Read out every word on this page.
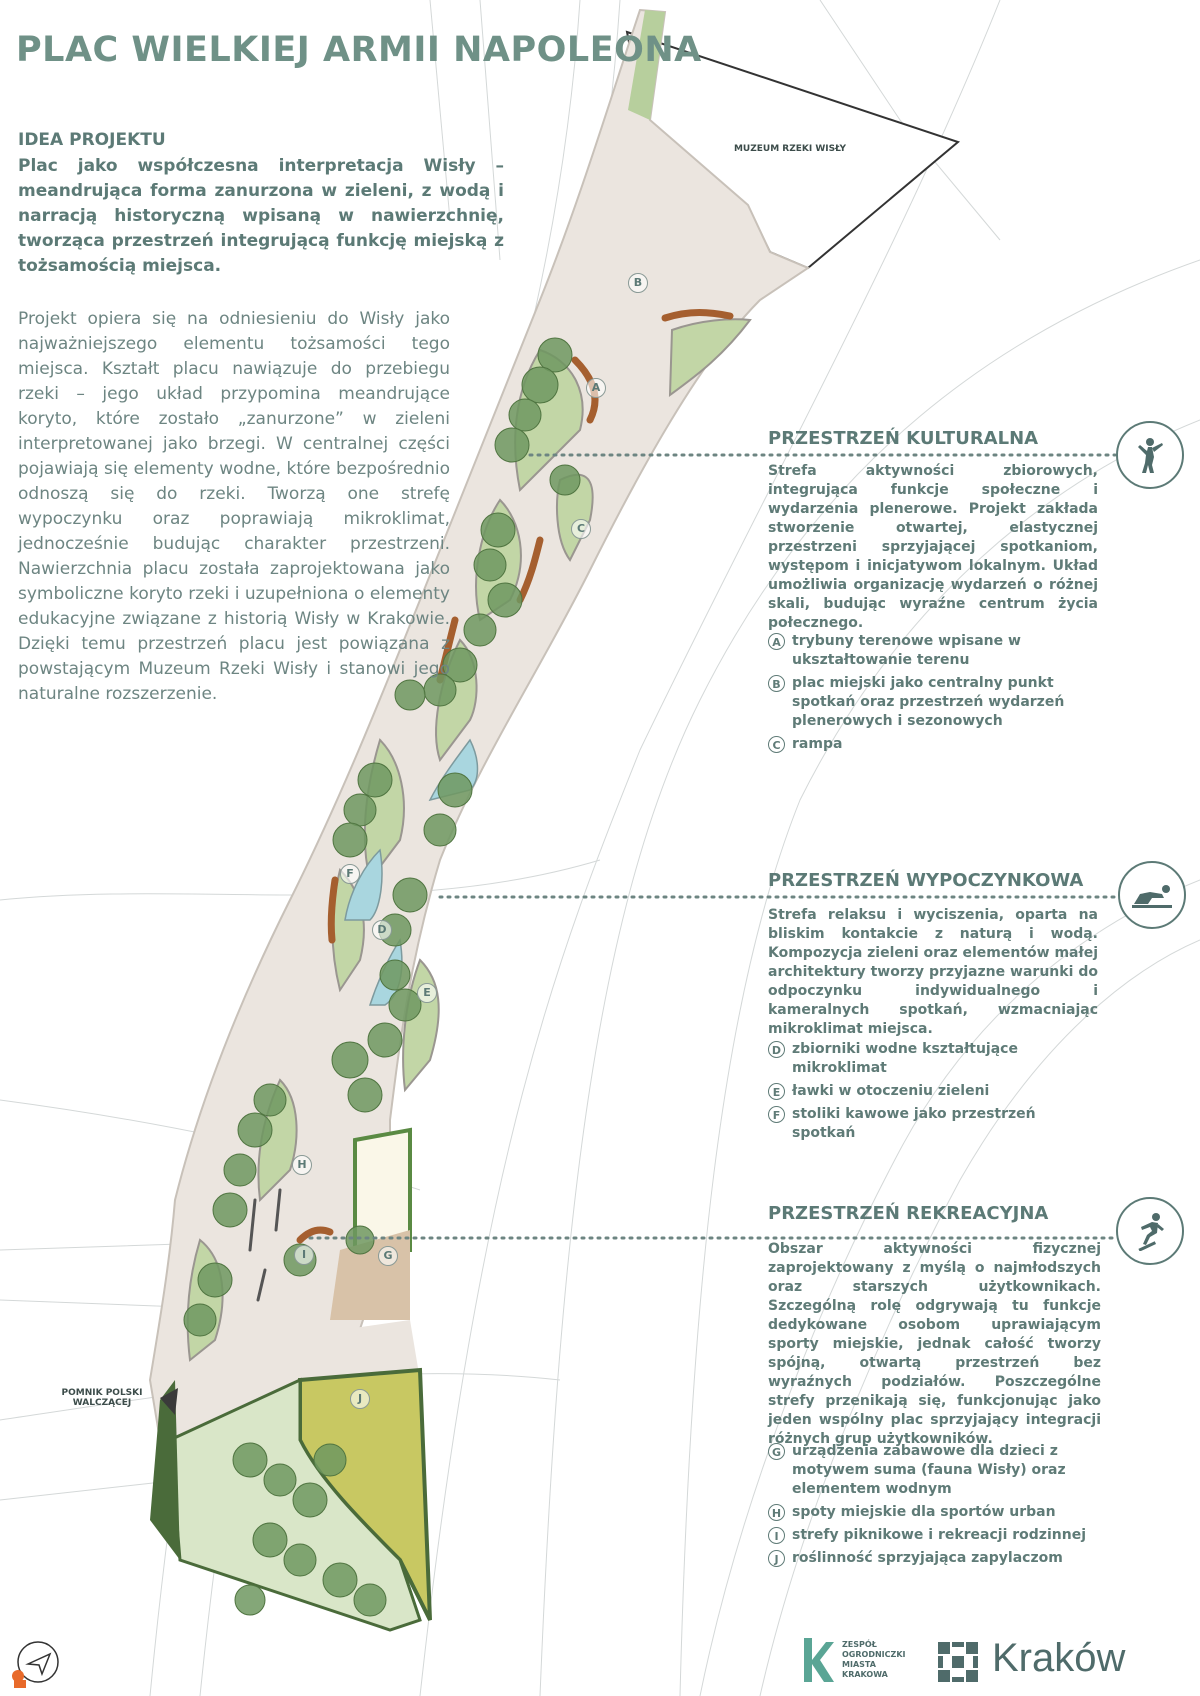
MUZEUM RZEKI WISŁY
POMNIK POLSKI
WALCZĄCEJ
A
B
C
D
E
F
G
H
I
J
PLAC WIELKIEJ ARMII NAPOLEONA
IDEA PROJEKTU
Plac jako współczesna interpretacja Wisły – meandrująca forma zanurzona w zieleni, z wodą i narracją historyczną wpisaną w nawierzchnię, tworząca przestrzeń integrującą funkcję miejską z tożsamością miejsca.
Projekt opiera się na odniesieniu do Wisły jako najważniejszego elementu tożsamości tego miejsca. Kształt placu nawiązuje do przebiegu rzeki – jego układ przypomina meandrujące koryto, które zostało „zanurzone” w zieleni interpretowanej jako brzegi. W centralnej części pojawiają się elementy wodne, które bezpośrednio odnoszą się do rzeki. Tworzą one strefę wypoczynku oraz poprawiają mikroklimat, jednocześnie budując charakter przestrzeni. Nawierzchnia placu została zaprojektowana jako symboliczne koryto rzeki i uzupełniona o elementy edukacyjne związane z historią Wisły w Krakowie. Dzięki temu przestrzeń placu jest powiązana z powstającym Muzeum Rzeki Wisły i stanowi jego naturalne rozszerzenie.
PRZESTRZEŃ KULTURALNA
Strefa aktywności zbiorowych, integrująca funkcje społeczne i wydarzenia plenerowe. Projekt zakłada stworzenie otwartej, elastycznej przestrzeni sprzyjającej spotkaniom, występom i inicjatywom lokalnym. Układ umożliwia organizację wydarzeń o różnej skali, budując wyraźne centrum życia połecznego.
A trybuny terenowe wpisane w ukształtowanie terenu
B plac miejski jako centralny punkt spotkań oraz przestrzeń wydarzeń plenerowych i sezonowych
C rampa
PRZESTRZEŃ WYPOCZYNKOWA
Strefa relaksu i wyciszenia, oparta na bliskim kontakcie z naturą i wodą. Kompozycja zieleni oraz elementów małej architektury tworzy przyjazne warunki do odpoczynku indywidualnego i kameralnych spotkań, wzmacniając mikroklimat miejsca.
D zbiorniki wodne kształtujące mikroklimat
E ławki w otoczeniu zieleni
F stoliki kawowe jako przestrzeń spotkań
PRZESTRZEŃ REKREACYJNA
Obszar aktywności fizycznej zaprojektowany z myślą o najmłodszych oraz starszych użytkownikach. Szczególną rolę odgrywają tu funkcje dedykowane osobom uprawiającym sporty miejskie, jednak całość tworzy spójną, otwartą przestrzeń bez wyraźnych podziałów. Poszczególne strefy przenikają się, funkcjonując jako jeden wspólny plac sprzyjający integracji różnych grup użytkowników.
G urządzenia zabawowe dla dzieci z motywem suma (fauna Wisły) oraz elementem wodnym
H spoty miejskie dla sportów urban
I strefy piknikowe i rekreacji rodzinnej
J roślinność sprzyjająca zapylaczom
ZESPÓŁ
OGRODNICZKI
MIASTA
KRAKOWA	Kraków
